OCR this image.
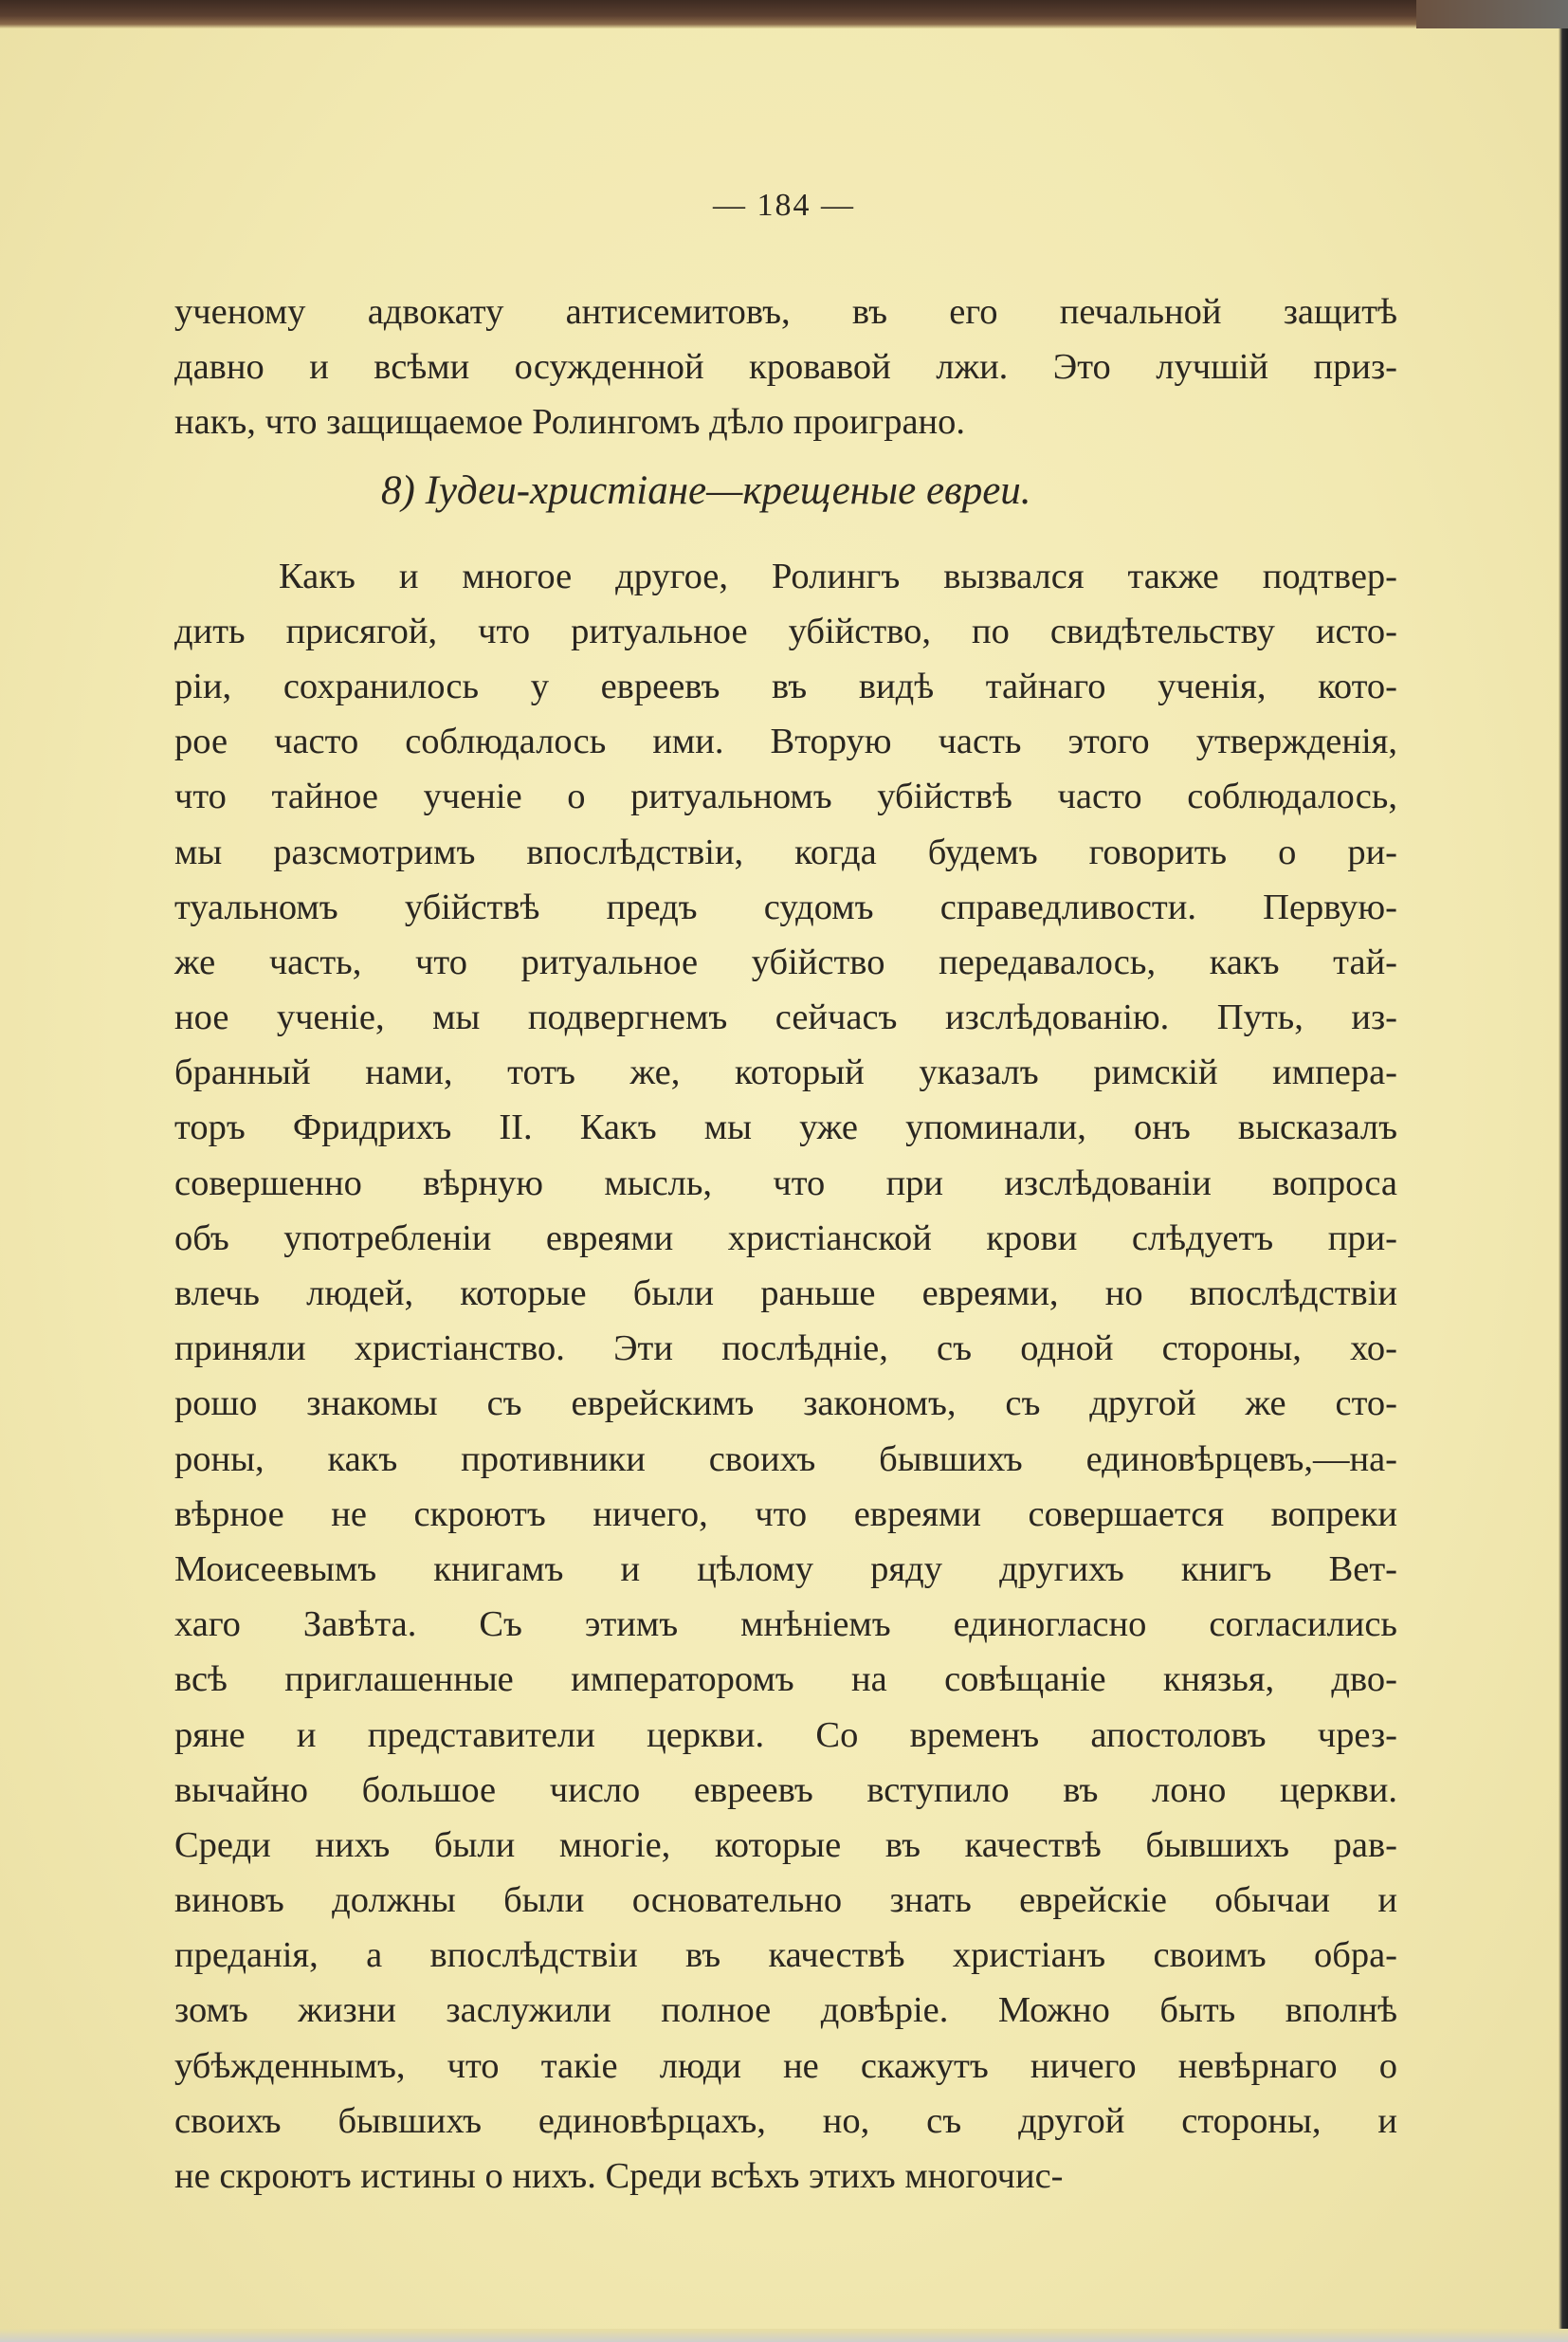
— 184 —
ученому адвокату антисемитовъ, въ его печальной защитѣ
давно и всѣми осужденной кровавой лжи. Это лучшій приз-
накъ, что защищаемое Ролингомъ дѣло проиграно.
8) Іудеи-христіане—крещеные евреи.
Какъ и многое другое, Ролингъ вызвался также подтвер-
дить присягой, что ритуальное убійство, по свидѣтельству исто-
ріи, сохранилось у евреевъ въ видѣ тайнаго ученія, кото-
рое часто соблюдалось ими. Вторую часть этого утвержденія,
что тайное ученіе о ритуальномъ убійствѣ часто соблюдалось,
мы разсмотримъ впослѣдствіи, когда будемъ говорить о ри-
туальномъ убійствѣ предъ судомъ справедливости. Первую-
же часть, что ритуальное убійство передавалось, какъ тай-
ное ученіе, мы подвергнемъ сейчасъ изслѣдованію. Путь, из-
бранный нами, тотъ же, который указалъ римскій импера-
торъ Фридрихъ II. Какъ мы уже упоминали, онъ высказалъ
совершенно вѣрную мысль, что при изслѣдованіи вопроса
объ употребленіи евреями христіанской крови слѣдуетъ при-
влечь людей, которые были раньше евреями, но впослѣдствіи
приняли христіанство. Эти послѣдніе, съ одной стороны, хо-
рошо знакомы съ еврейскимъ закономъ, съ другой же сто-
роны, какъ противники своихъ бывшихъ единовѣрцевъ,—на-
вѣрное не скроютъ ничего, что евреями совершается вопреки
Моисеевымъ книгамъ и цѣлому ряду другихъ книгъ Вет-
хаго Завѣта. Съ этимъ мнѣніемъ единогласно согласились
всѣ приглашенные императоромъ на совѣщаніе князья, дво-
ряне и представители церкви. Со временъ апостоловъ чрез-
вычайно большое число евреевъ вступило въ лоно церкви.
Среди нихъ были многіе, которые въ качествѣ бывшихъ рав-
виновъ должны были основательно знать еврейскіе обычаи и
преданія, а впослѣдствіи въ качествѣ христіанъ своимъ обра-
зомъ жизни заслужили полное довѣріе. Можно быть вполнѣ
убѣжденнымъ, что такіе люди не скажутъ ничего невѣрнаго о
своихъ бывшихъ единовѣрцахъ, но, съ другой стороны, и
не скроютъ истины о нихъ. Среди всѣхъ этихъ многочис-
